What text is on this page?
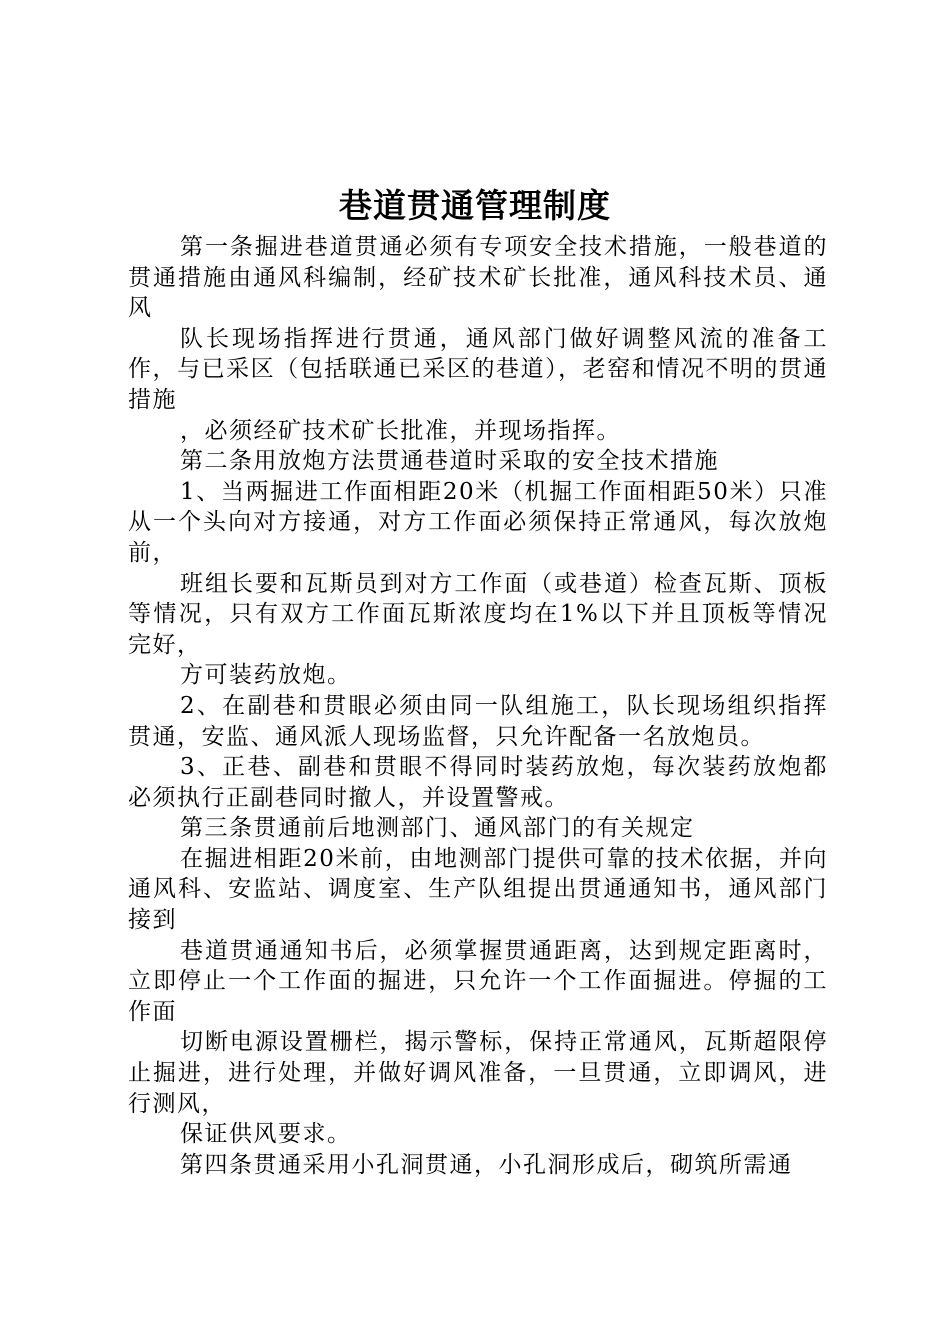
巷道贯通管理制度

第一条掘进巷道贯通必须有专项安全技术措施，一般巷道的贯通措施由通风科编制，经矿技术矿长批准，通风科技术员、通风

队长现场指挥进行贯通，通风部门做好调整风流的准备工作，与已采区（包括联通已采区的巷道），老窑和情况不明的贯通措施

，必须经矿技术矿长批准，并现场指挥。

第二条用放炮方法贯通巷道时采取的安全技术措施

1、当两掘进工作面相距20米（机掘工作面相距50米）只准从一个头向对方接通，对方工作面必须保持正常通风，每次放炮前，

班组长要和瓦斯员到对方工作面（或巷道）检查瓦斯、顶板等情况，只有双方工作面瓦斯浓度均在1%以下并且顶板等情况完好，

方可装药放炮。

2、在副巷和贯眼必须由同一队组施工，队长现场组织指挥贯通，安监、通风派人现场监督，只允许配备一名放炮员。

3、正巷、副巷和贯眼不得同时装药放炮，每次装药放炮都必须执行正副巷同时撤人，并设置警戒。

第三条贯通前后地测部门、通风部门的有关规定

在掘进相距20米前，由地测部门提供可靠的技术依据，并向通风科、安监站、调度室、生产队组提出贯通通知书，通风部门接到

巷道贯通通知书后，必须掌握贯通距离，达到规定距离时，立即停止一个工作面的掘进，只允许一个工作面掘进。停掘的工作面

切断电源设置栅栏，揭示警标，保持正常通风，瓦斯超限停止掘进，进行处理，并做好调风准备，一旦贯通，立即调风，进行测风，

保证供风要求。

第四条贯通采用小孔洞贯通，小孔洞形成后，砌筑所需通
